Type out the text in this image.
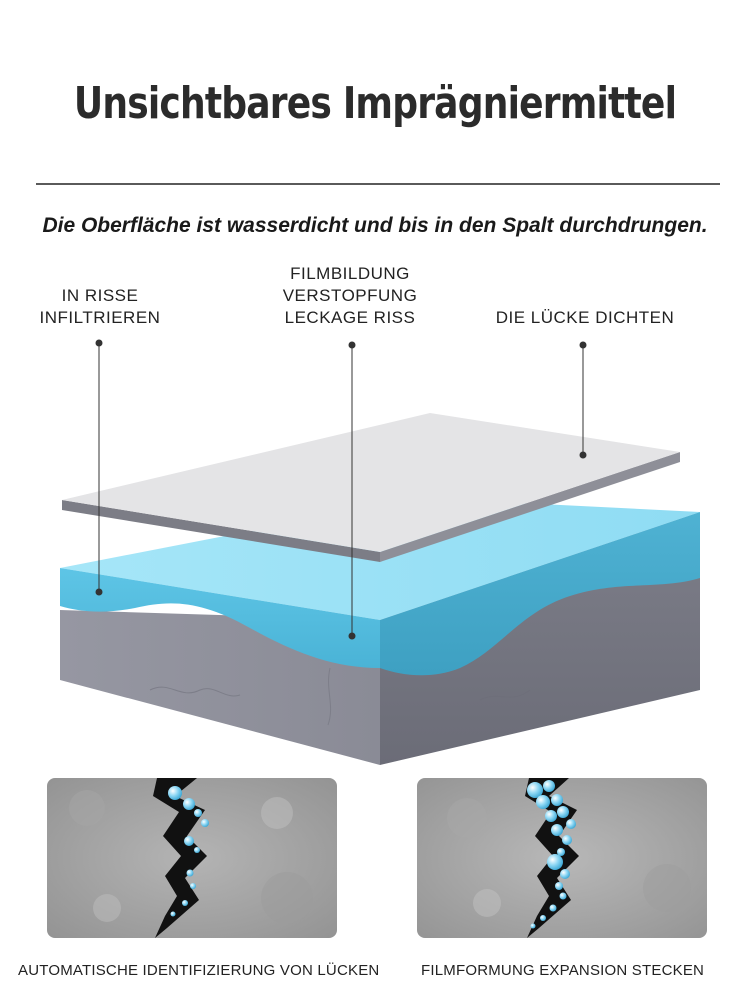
Unsichtbares Imprägniermittel
Die Oberfläche ist wasserdicht und bis in den Spalt durchdrungen.
IN RISSE
INFILTRIEREN
FILMBILDUNG
VERSTOPFUNG
LECKAGE RISS	DIE LÜCKE DICHTEN
AUTOMATISCHE IDENTIFIZIERUNG VON LÜCKEN	FILMFORMUNG EXPANSION STECKEN
